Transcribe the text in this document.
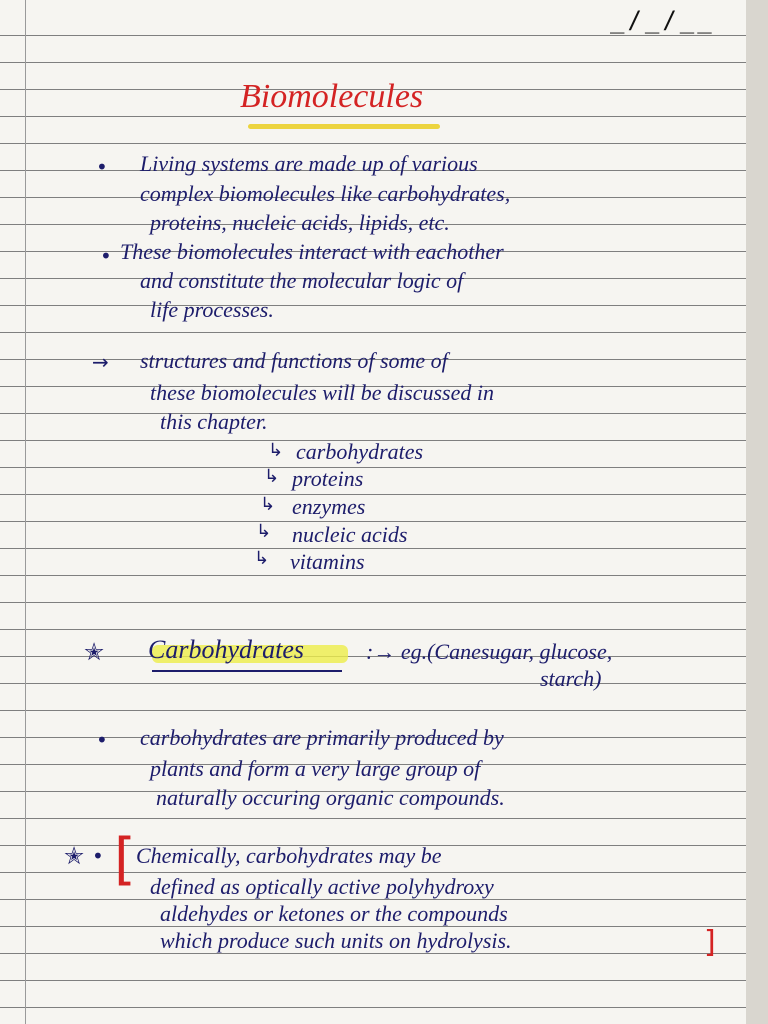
_/_/__
Biomolecules
• Living systems are made up of various
complex biomolecules like carbohydrates,
proteins, nucleic acids, lipids, etc.
• These biomolecules interact with eachother
and constitute the molecular logic of
life processes.
→ structures and functions of some of
these biomolecules will be discussed in
this chapter.
↳ carbohydrates
↳ proteins
↳ enzymes
↳ nucleic acids
↳ vitamins
✭ Carbohydrates	:→ eg.(Canesugar, glucose,
starch)
• carbohydrates are primarily produced by
plants and form a very large group of
naturally occuring organic compounds.
✭ • [ Chemically, carbohydrates may be
defined as optically active polyhydroxy
aldehydes or ketones or the compounds
which produce such units on hydrolysis.	]
